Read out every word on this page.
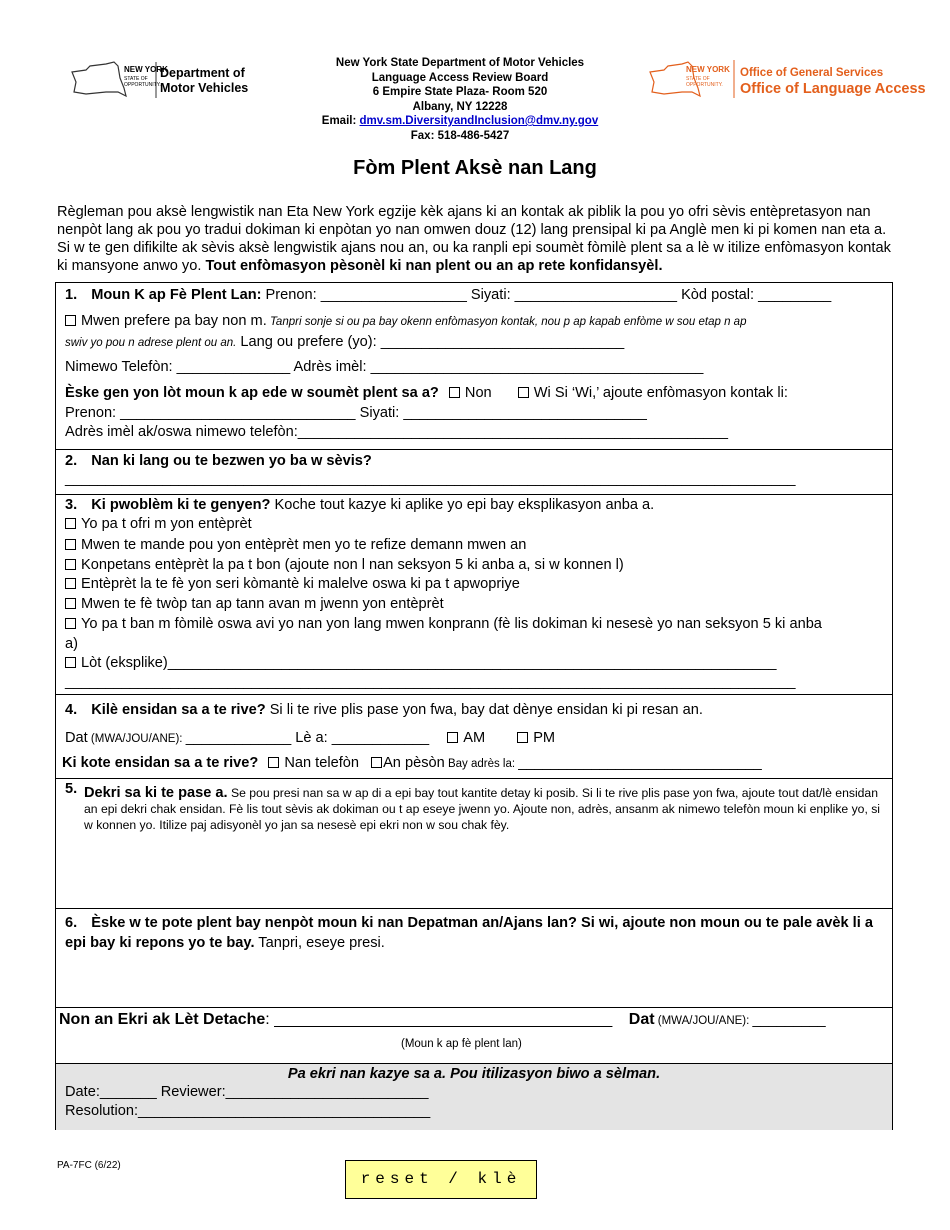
NEW YORK
STATE OF
OPPORTUNITY.
Department of
Motor Vehicles
New York State Department of Motor Vehicles
Language Access Review Board
6 Empire State Plaza- Room 520
Albany, NY 12228
Email: dmv.sm.DiversityandInclusion@dmv.ny.gov
Fax: 518-486-5427
NEW YORK
STATE OF
OPPORTUNITY.
Office of General Services
Office of Language Access
Fòm Plent Aksè nan Lang
Règleman pou aksè lengwistik nan Eta New York egzije kèk ajans ki an kontak ak piblik la pou yo ofri sèvis entèpretasyon nan nenpòt lang ak pou yo tradui dokiman ki enpòtan yo nan omwen douz (12) lang prensipal ki pa Anglè men ki pi komen nan eta a. Si w te gen difikilte ak sèvis aksè lengwistik ajans nou an, ou ka ranpli epi soumèt fòmilè plent sa a lè w itilize enfòmasyon kontak ki mansyone anwo yo. Tout enfòmasyon pèsonèl ki nan plent ou an ap rete konfidansyèl.
1. Moun K ap Fè Plent Lan: Prenon: __________________ Siyati: ____________________ Kòd postal: _________
Mwen prefere pa bay non m. Tanpri sonje si ou pa bay okenn enfòmasyon kontak, nou p ap kapab enfòme w sou etap n ap
swiv yo pou n adrese plent ou an. Lang ou prefere (yo): ______________________________
Nimewo Telefòn: ______________ Adrès imèl: _________________________________________
Èske gen yon lòt moun k ap ede w soumèt plent sa a? Non	Wi Si ‘Wi,’ ajoute enfòmasyon kontak li:
Prenon: _____________________________ Siyati: ______________________________
Adrès imèl ak/oswa nimewo telefòn:_____________________________________________________
2. Nan ki lang ou te bezwen yo ba w sèvis?
__________________________________________________________________________________________
3. Ki pwoblèm ki te genyen? Koche tout kazye ki aplike yo epi bay eksplikasyon anba a.
Yo pa t ofri m yon entèprèt
Mwen te mande pou yon entèprèt men yo te refize demann mwen an
Konpetans entèprèt la pa t bon (ajoute non l nan seksyon 5 ki anba a, si w konnen l)
Entèprèt la te fè yon seri kòmantè ki malelve oswa ki pa t apwopriye
Mwen te fè twòp tan ap tann avan m jwenn yon entèprèt
Yo pa t ban m fòmilè oswa avi yo nan yon lang mwen konprann (fè lis dokiman ki nesesè yo nan seksyon 5 ki anba
a)
Lòt (eksplike)___________________________________________________________________________
__________________________________________________________________________________________
4. Kilè ensidan sa a te rive? Si li te rive plis pase yon fwa, bay dat dènye ensidan ki pi resan an.
Dat (MWA/JOU/ANE): _____________ Lè a: ____________ AM	PM
Ki kote ensidan sa a te rive? Nan telefòn An pèsòn Bay adrès la: ______________________________
5. Dekri sa ki te pase a. Se pou presi nan sa w ap di a epi bay tout kantite detay ki posib. Si li te rive plis pase yon fwa, ajoute tout dat/lè ensidan an epi dekri chak ensidan. Fè lis tout sèvis ak dokiman ou t ap eseye jwenn yo. Ajoute non, adrès, ansanm ak nimewo telefòn moun ki enplike yo, si w konnen yo. Itilize paj adisyonèl yo jan sa nesesè epi ekri non w sou chak fèy.
6. Èske w te pote plent bay nenpòt moun ki nan Depatman an/Ajans lan? Si wi, ajoute non moun ou te pale avèk li a epi bay ki repons yo te bay. Tanpri, eseye presi.
Non an Ekri ak Lèt Detache: ______________________________________ Dat (MWA/JOU/ANE): _________
(Moun k ap fè plent lan)
Pa ekri nan kazye sa a. Pou itilizasyon biwo a sèlman.
Date:_______ Reviewer:_________________________
Resolution:____________________________________
PA-7FC (6/22)
reset / klè
